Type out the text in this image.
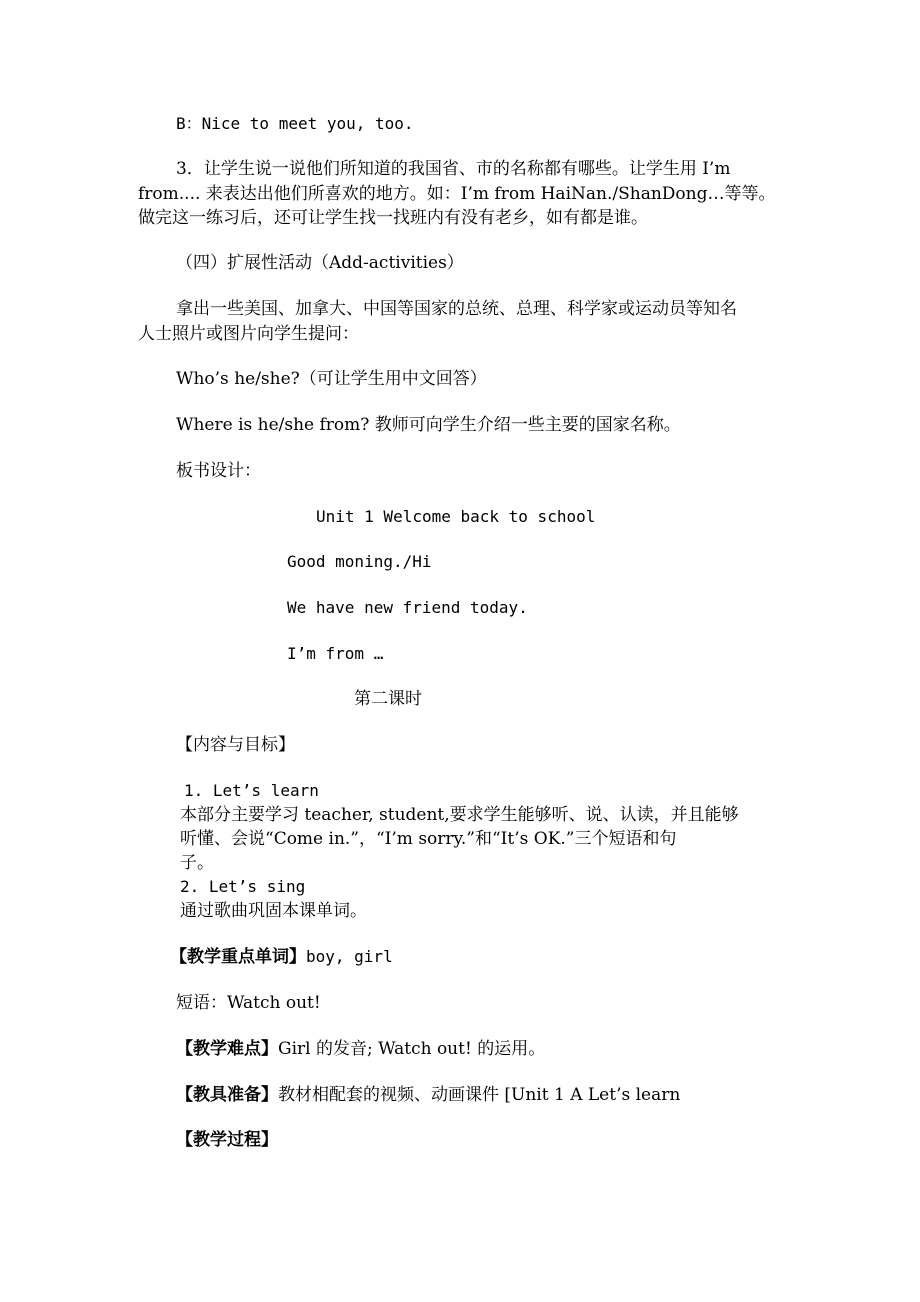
B：Nice to meet you, too.
3．让学生说一说他们所知道的我国省、市的名称都有哪些。让学生用 I’m
from.... 来表达出他们所喜欢的地方。如：I’m from HaiNan./ShanDong…等等。
做完这一练习后，还可让学生找一找班内有没有老乡，如有都是谁。
（四）扩展性活动（Add-activities）
拿出一些美国、加拿大、中国等国家的总统、总理、科学家或运动员等知名
人士照片或图片向学生提问：
Who’s he/she?（可让学生用中文回答）
Where is he/she from? 教师可向学生介绍一些主要的国家名称。
板书设计：
Unit 1 Welcome back to school
Good moning./Hi
We have new friend today.
I’m from …
第二课时
【内容与目标】
1. Let’s learn
本部分主要学习 teacher, student,要求学生能够听、说、认读，并且能够
听懂、会说“Come in.”，“I’m sorry.”和“It’s OK.”三个短语和句
子。
2. Let’s sing
通过歌曲巩固本课单词。
【教学重点单词】boy, girl
短语：Watch out!
【教学难点】Girl 的发音; Watch out! 的运用。
【教具准备】教材相配套的视频、动画课件 [Unit 1 A Let’s learn
【教学过程】
